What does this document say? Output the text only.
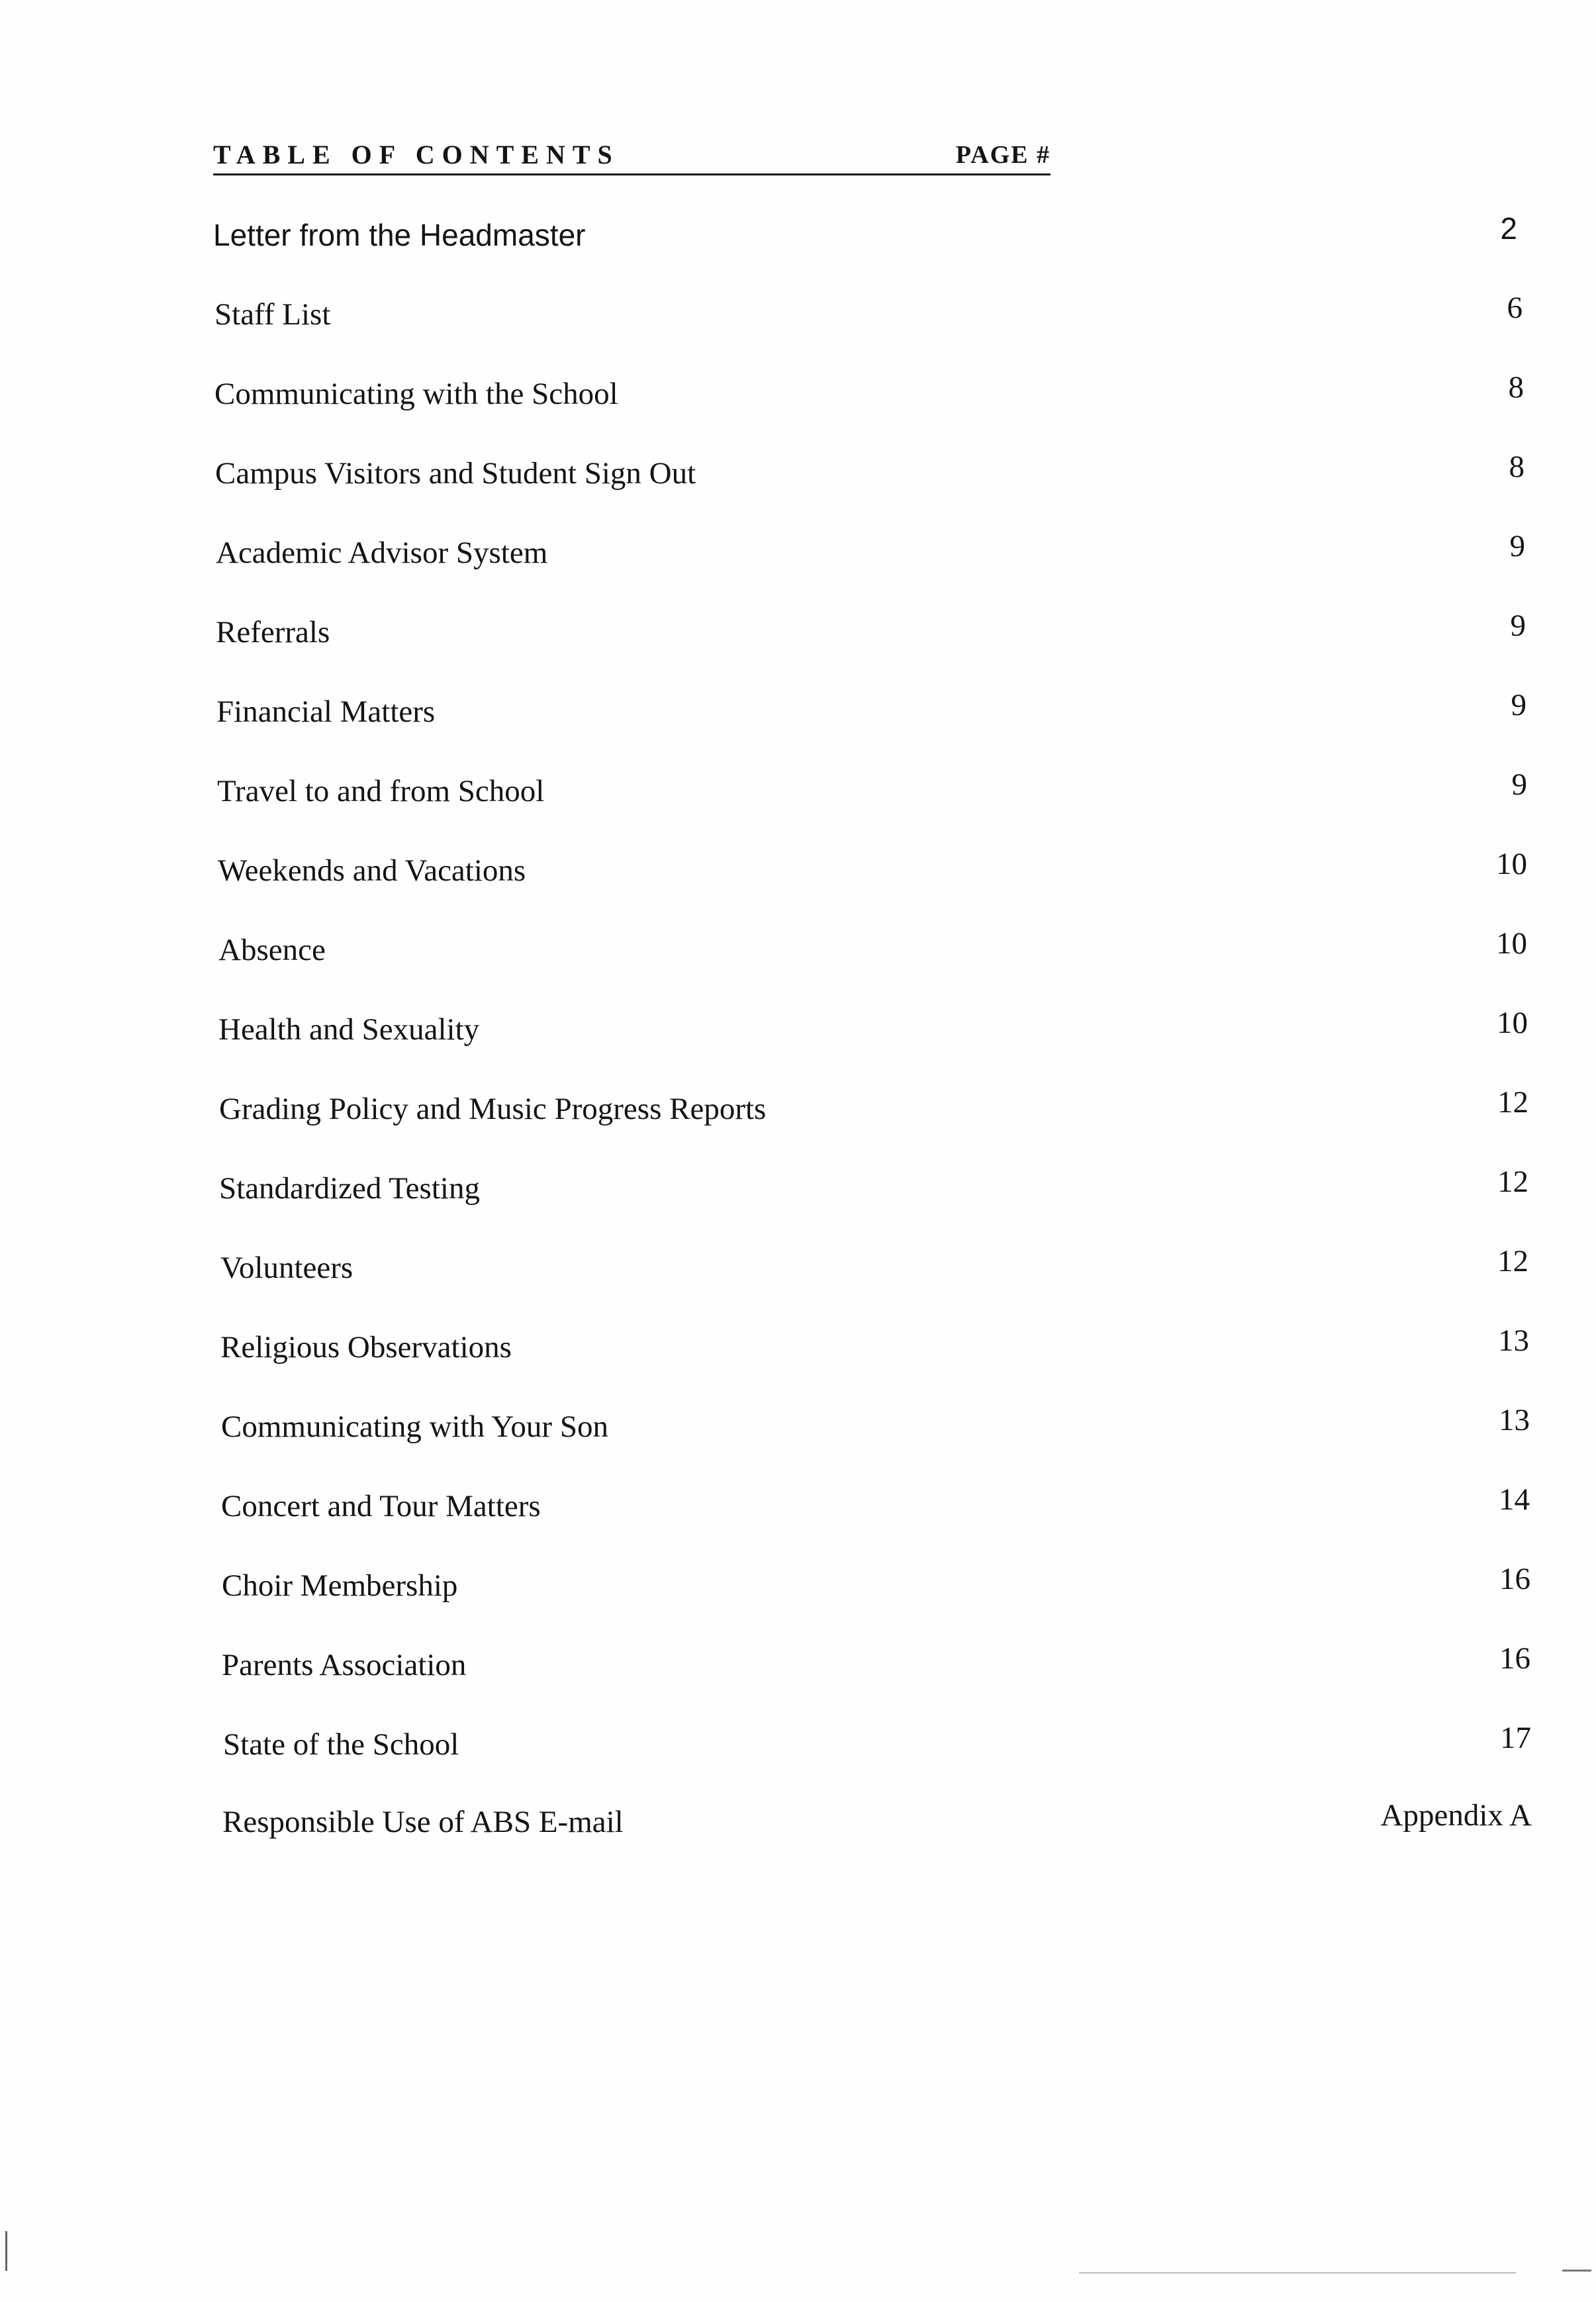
TABLE OF CONTENTS	PAGE #
Letter from the Headmaster	2
Staff List	6
Communicating with the School	8
Campus Visitors and Student Sign Out	8
Academic Advisor System	9
Referrals	9
Financial Matters	9
Travel to and from School	9
Weekends and Vacations	10
Absence	10
Health and Sexuality	10
Grading Policy and Music Progress Reports	12
Standardized Testing	12
Volunteers	12
Religious Observations	13
Communicating with Your Son	13
Concert and Tour Matters	14
Choir Membership	16
Parents Association	16
State of the School	17
Responsible Use of ABS E-mail	Appendix A
